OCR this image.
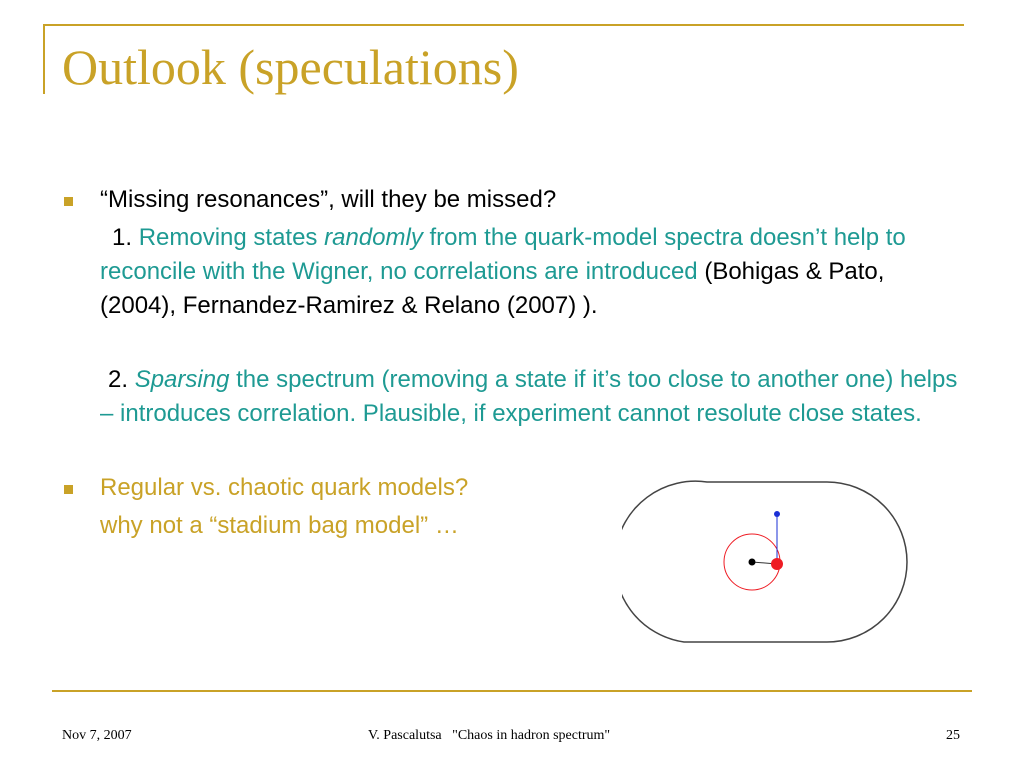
Outlook (speculations)
“Missing resonances”, will they be missed?
1. Removing states randomly from the quark-model spectra doesn’t help to reconcile with the Wigner, no correlations are introduced (Bohigas & Pato, (2004), Fernandez-Ramirez & Relano (2007) ).
2. Sparsing the spectrum (removing a state if it’s too close to another one) helps – introduces correlation. Plausible, if experiment cannot resolute close states.
Regular vs. chaotic quark models?
why not a “stadium bag model” …
Nov 7, 2007	V. Pascalutsa "Chaos in hadron spectrum"	25
